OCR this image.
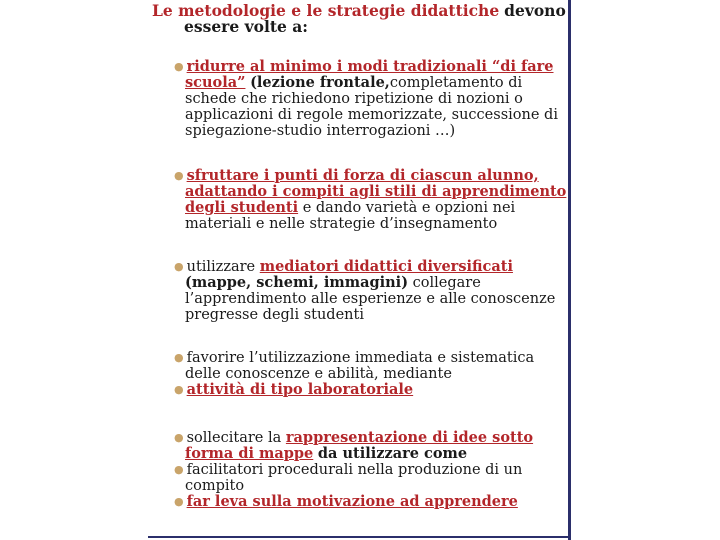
Le metodologie e le strategie didattiche devono
essere volte a:
● ridurre al minimo i modi tradizionali “di fare
scuola” (lezione frontale,completamento di
schede che richiedono ripetizione di nozioni o
applicazioni di regole memorizzate, successione di
spiegazione-studio interrogazioni …)
● sfruttare i punti di forza di ciascun alunno,
adattando i compiti agli stili di apprendimento
degli studenti e dando varietà e opzioni nei
materiali e nelle strategie d’insegnamento
● utilizzare mediatori didattici diversificati
(mappe, schemi, immagini) collegare
l’apprendimento alle esperienze e alle conoscenze
pregresse degli studenti
● favorire l’utilizzazione immediata e sistematica
delle conoscenze e abilità, mediante
● attività di tipo laboratoriale
● sollecitare la rappresentazione di idee sotto
forma di mappe da utilizzare come
● facilitatori procedurali nella produzione di un
compito
● far leva sulla motivazione ad apprendere
